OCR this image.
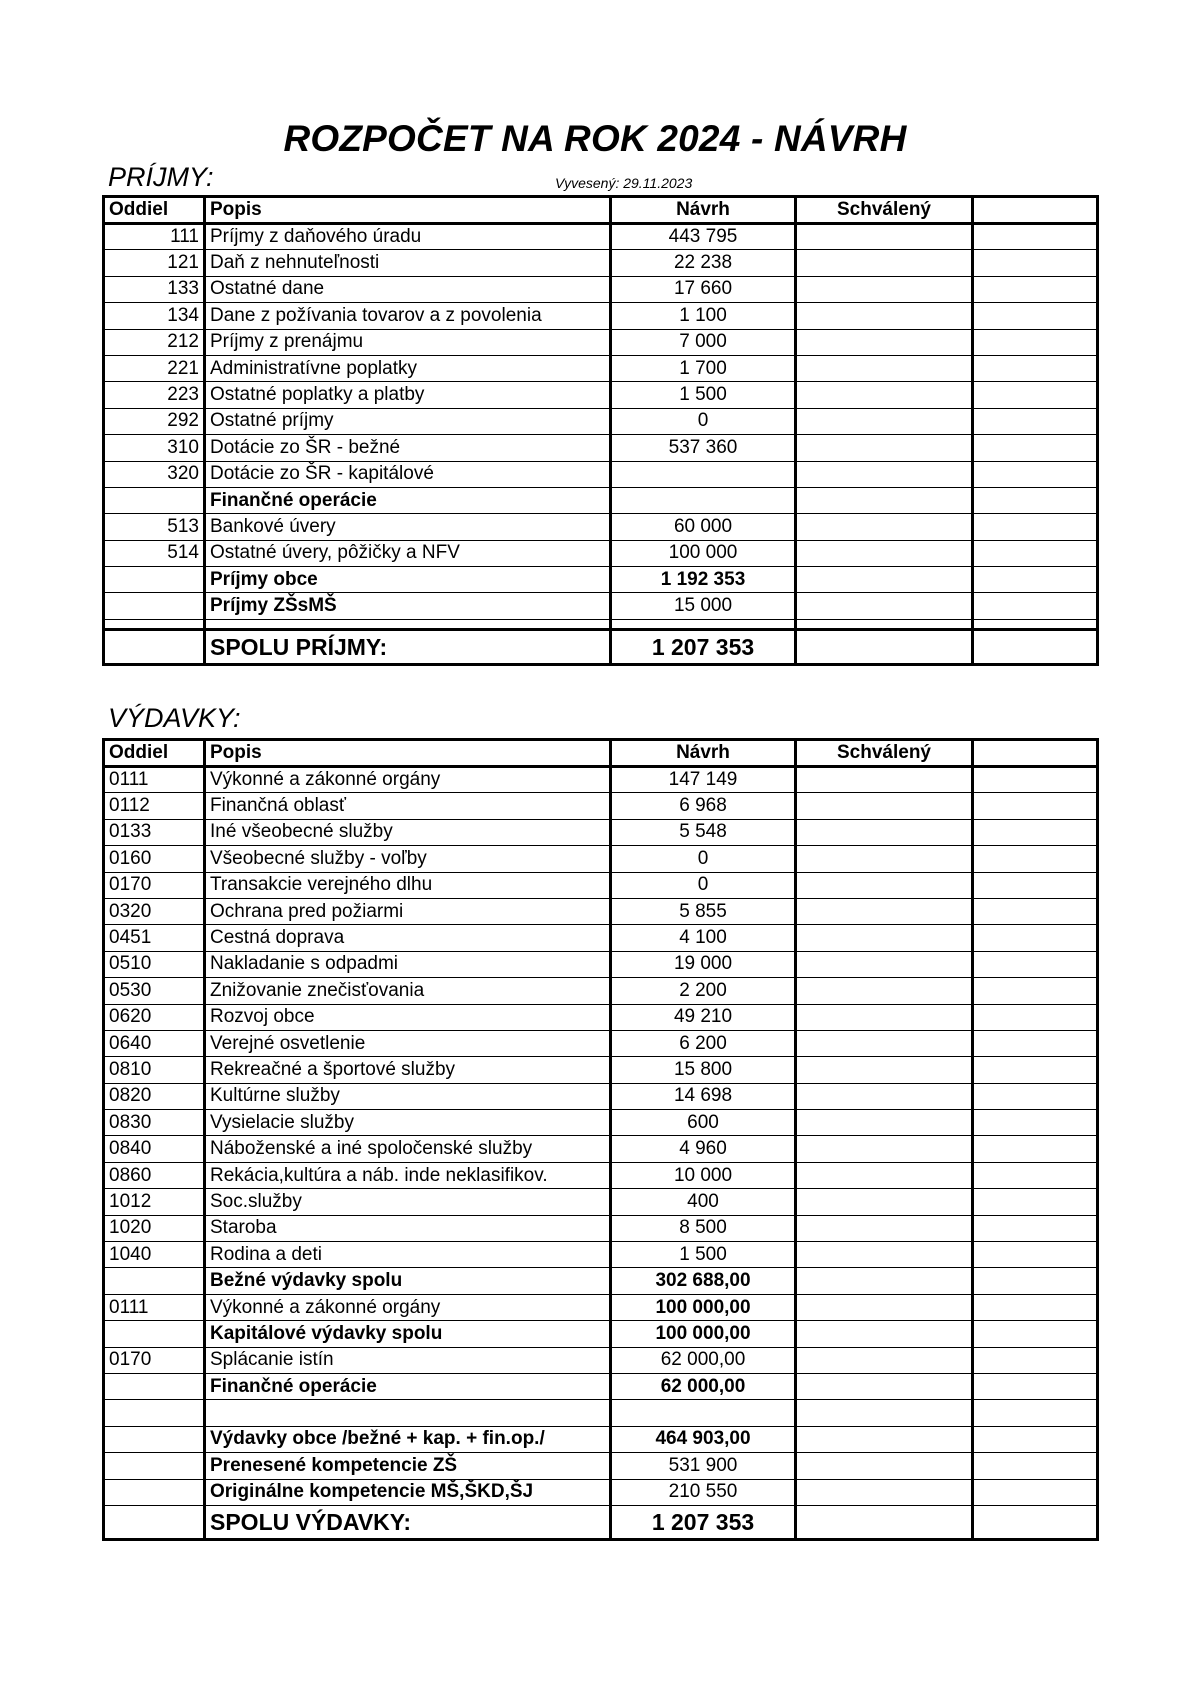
ROZPOČET NA ROK 2024 - NÁVRH
PRÍJMY:	Vyvesený: 29.11.2023
Oddiel	Popis	Návrh	Schválený	
111	Príjmy z daňového úradu	443 795		
121	Daň z nehnuteľnosti	22 238		
133	Ostatné dane	17 660		
134	Dane z požívania tovarov a z povolenia	1 100		
212	Príjmy z prenájmu	7 000		
221	Administratívne poplatky	1 700		
223	Ostatné poplatky a platby	1 500		
292	Ostatné príjmy	0		
310	Dotácie zo ŠR - bežné	537 360		
320	Dotácie zo ŠR - kapitálové			
	Finančné operácie			
513	Bankové úvery	60 000		
514	Ostatné úvery, pôžičky a NFV	100 000		
	Príjmy obce	1 192 353		
	Príjmy ZŠsMŠ	15 000		

	SPOLU PRÍJMY:	1 207 353		
VÝDAVKY:
Oddiel	Popis	Návrh	Schválený	
0111	Výkonné a zákonné orgány	147 149		
0112	Finančná oblasť	6 968		
0133	Iné všeobecné služby	5 548		
0160	Všeobecné služby - voľby	0		
0170	Transakcie verejného dlhu	0		
0320	Ochrana pred požiarmi	5 855		
0451	Cestná doprava	4 100		
0510	Nakladanie s odpadmi	19 000		
0530	Znižovanie znečisťovania	2 200		
0620	Rozvoj obce	49 210		
0640	Verejné osvetlenie	6 200		
0810	Rekreačné a športové služby	15 800		
0820	Kultúrne služby	14 698		
0830	Vysielacie služby	600		
0840	Náboženské a iné spoločenské služby	4 960		
0860	Rekácia,kultúra a náb. inde neklasifikov.	10 000		
1012	Soc.služby	400		
1020	Staroba	8 500		
1040	Rodina a deti	1 500		
	Bežné výdavky spolu	302 688,00		
0111	Výkonné a zákonné orgány	100 000,00		
	Kapitálové výdavky spolu	100 000,00		
0170	Splácanie istín	62 000,00		
	Finančné operácie	62 000,00		

	Výdavky obce /bežné + kap. + fin.op./	464 903,00		
	Prenesené kompetencie ZŠ	531 900		
	Originálne kompetencie MŠ,ŠKD,ŠJ	210 550		
	SPOLU VÝDAVKY:	1 207 353		
